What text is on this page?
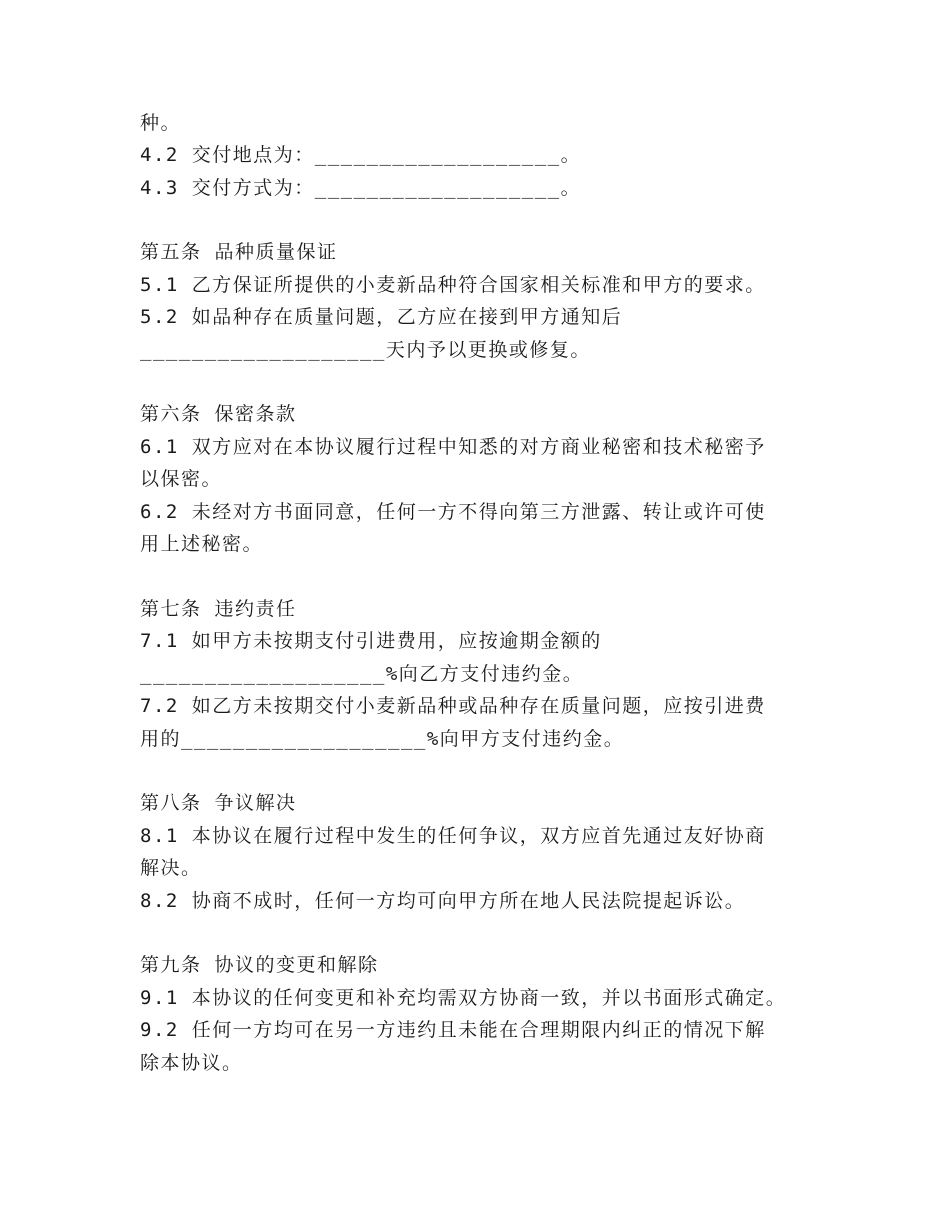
种。
4.2 交付地点为：___________________。
4.3 交付方式为：___________________。
第五条 品种质量保证
5.1 乙方保证所提供的小麦新品种符合国家相关标准和甲方的要求。
5.2 如品种存在质量问题，乙方应在接到甲方通知后
___________________天内予以更换或修复。
第六条 保密条款
6.1 双方应对在本协议履行过程中知悉的对方商业秘密和技术秘密予
以保密。
6.2 未经对方书面同意，任何一方不得向第三方泄露、转让或许可使
用上述秘密。
第七条 违约责任
7.1 如甲方未按期支付引进费用，应按逾期金额的
___________________%向乙方支付违约金。
7.2 如乙方未按期交付小麦新品种或品种存在质量问题，应按引进费
用的___________________%向甲方支付违约金。
第八条 争议解决
8.1 本协议在履行过程中发生的任何争议，双方应首先通过友好协商
解决。
8.2 协商不成时，任何一方均可向甲方所在地人民法院提起诉讼。
第九条 协议的变更和解除
9.1 本协议的任何变更和补充均需双方协商一致，并以书面形式确定。
9.2 任何一方均可在另一方违约且未能在合理期限内纠正的情况下解
除本协议。
